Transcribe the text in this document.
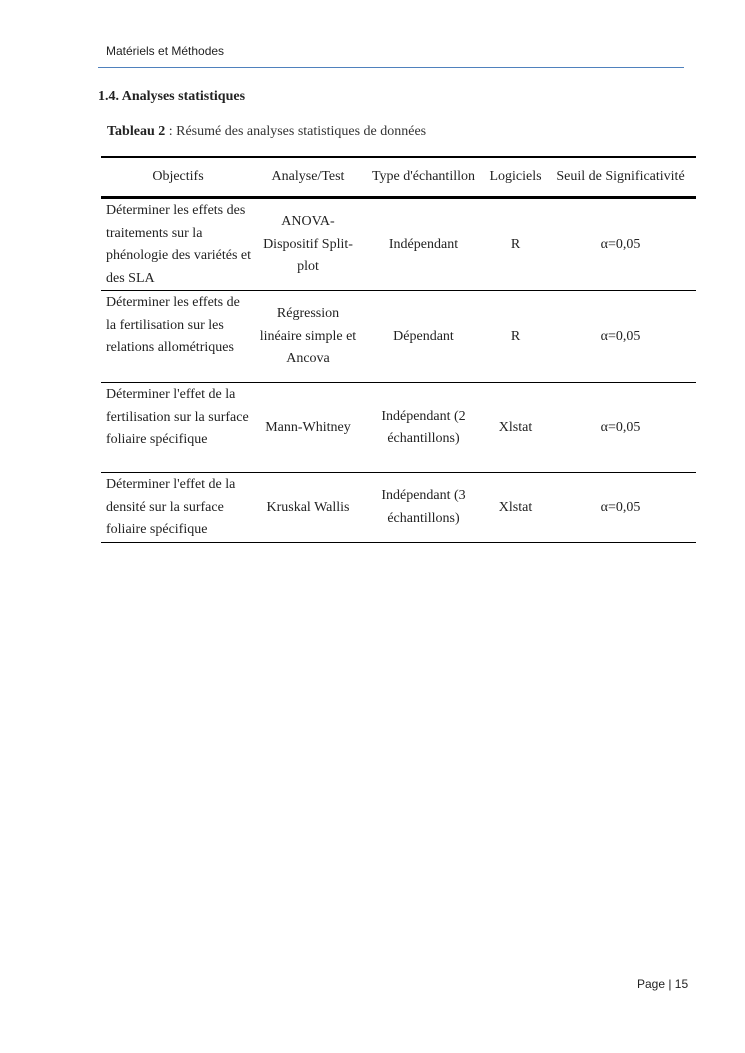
Matériels et Méthodes
1.4. Analyses statistiques
Tableau 2 : Résumé des analyses statistiques de données
Objectifs	Analyse/Test	Type d'échantillon	Logiciels	Seuil de Significativité
Déterminer les effets des traitements sur la phénologie des variétés et des SLA	ANOVA-Dispositif Split-plot	Indépendant	R	α=0,05
Déterminer les effets de la fertilisation sur les relations allométriques	Régression linéaire simple et Ancova	Dépendant	R	α=0,05
Déterminer l'effet de la fertilisation sur la surface foliaire spécifique	Mann-Whitney	Indépendant (2 échantillons)	Xlstat	α=0,05
Déterminer l'effet de la densité sur la surface foliaire spécifique	Kruskal Wallis	Indépendant (3 échantillons)	Xlstat	α=0,05
Page | 15
